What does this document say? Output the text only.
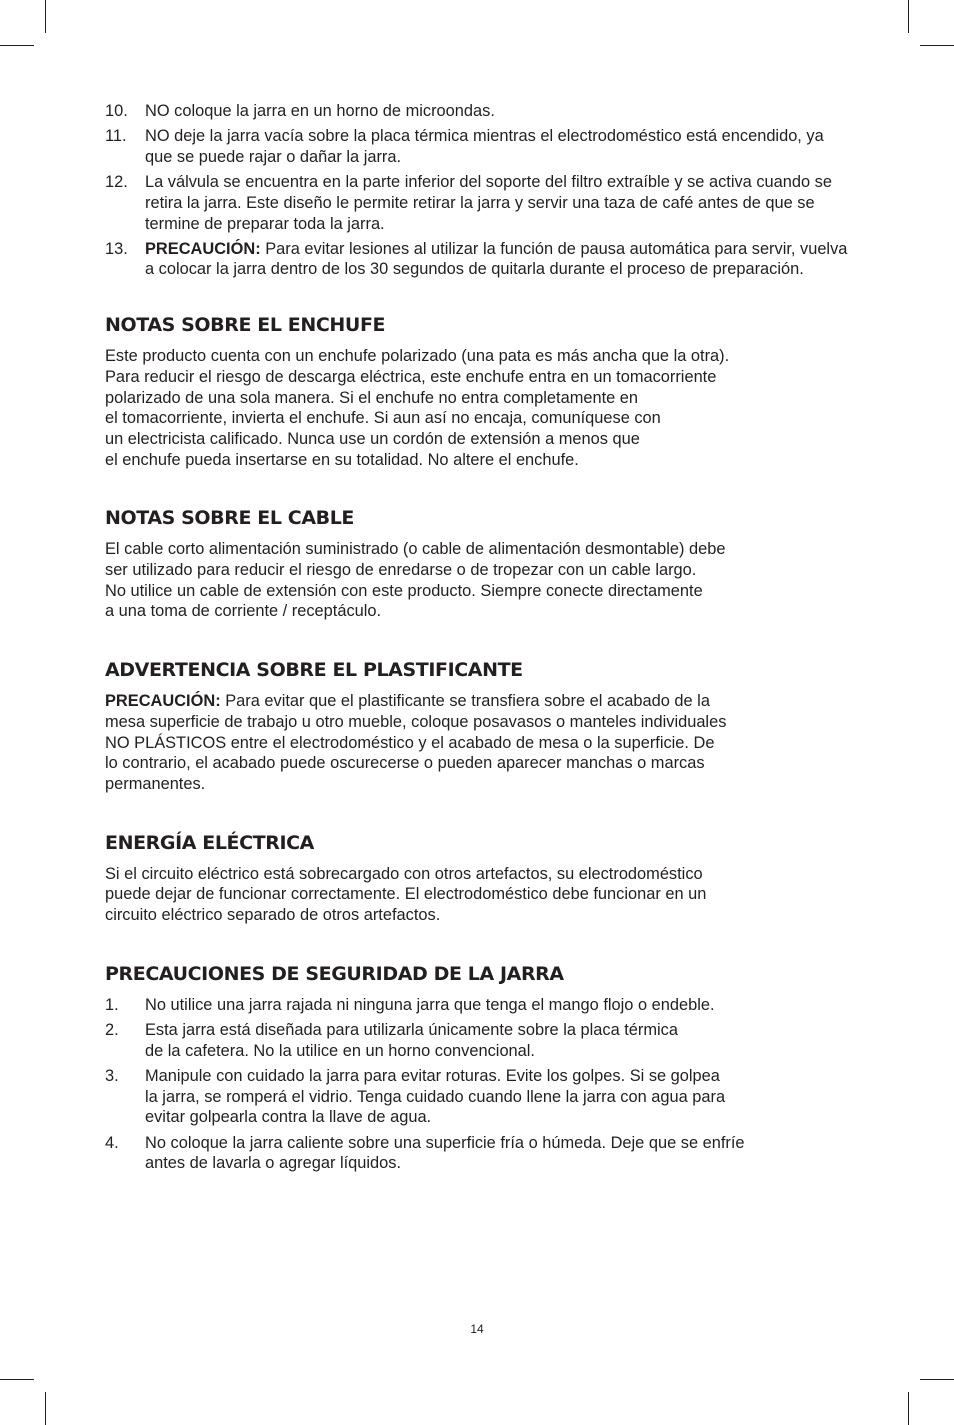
10. NO coloque la jarra en un horno de microondas.
11. NO deje la jarra vacía sobre la placa térmica mientras el electrodoméstico está encendido, ya que se puede rajar o dañar la jarra.
12. La válvula se encuentra en la parte inferior del soporte del filtro extraíble y se activa cuando se retira la jarra. Este diseño le permite retirar la jarra y servir una taza de café antes de que se termine de preparar toda la jarra.
13. PRECAUCIÓN: Para evitar lesiones al utilizar la función de pausa automática para servir, vuelva a colocar la jarra dentro de los 30 segundos de quitarla durante el proceso de preparación.
NOTAS SOBRE EL ENCHUFE

Este producto cuenta con un enchufe polarizado (una pata es más ancha que la otra).
Para reducir el riesgo de descarga eléctrica, este enchufe entra en un tomacorriente
polarizado de una sola manera. Si el enchufe no entra completamente en
el tomacorriente, invierta el enchufe. Si aun así no encaja, comuníquese con
un electricista calificado. Nunca use un cordón de extensión a menos que
el enchufe pueda insertarse en su totalidad. No altere el enchufe.

NOTAS SOBRE EL CABLE

El cable corto alimentación suministrado (o cable de alimentación desmontable) debe
ser utilizado para reducir el riesgo de enredarse o de tropezar con un cable largo.
No utilice un cable de extensión con este producto. Siempre conecte directamente
a una toma de corriente / receptáculo.

ADVERTENCIA SOBRE EL PLASTIFICANTE

PRECAUCIÓN: Para evitar que el plastificante se transfiera sobre el acabado de la
mesa superficie de trabajo u otro mueble, coloque posavasos o manteles individuales
NO PLÁSTICOS entre el electrodoméstico y el acabado de mesa o la superficie. De
lo contrario, el acabado puede oscurecerse o pueden aparecer manchas o marcas
permanentes.

ENERGÍA ELÉCTRICA

Si el circuito eléctrico está sobrecargado con otros artefactos, su electrodoméstico
puede dejar de funcionar correctamente. El electrodoméstico debe funcionar en un
circuito eléctrico separado de otros artefactos.

PRECAUCIONES DE SEGURIDAD DE LA JARRA
1. No utilice una jarra rajada ni ninguna jarra que tenga el mango flojo o endeble.
2. Esta jarra está diseñada para utilizarla únicamente sobre la placa térmica
de la cafetera. No la utilice en un horno convencional.
3. Manipule con cuidado la jarra para evitar roturas. Evite los golpes. Si se golpea
la jarra, se romperá el vidrio. Tenga cuidado cuando llene la jarra con agua para
evitar golpearla contra la llave de agua.
4. No coloque la jarra caliente sobre una superficie fría o húmeda. Deje que se enfríe
antes de lavarla o agregar líquidos.
14
